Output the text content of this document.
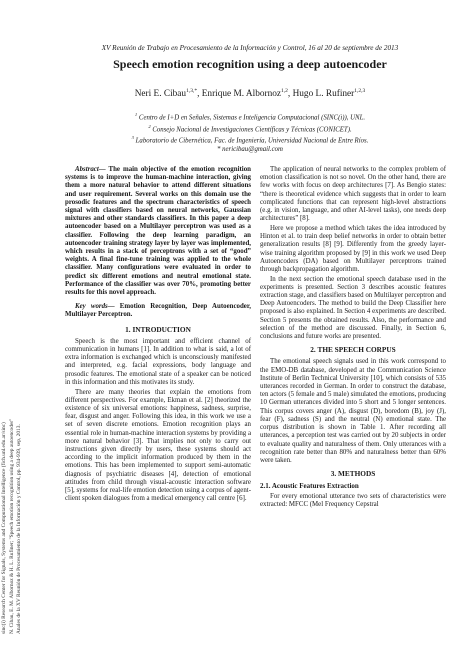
sinc(i) Research Center for Signals, Systems and Computational Intelligence (fich.unl.edu.ar/sinc) N. Cibau, E. M. Albornoz & H. L. Rufiner; "Speech emotion recognition using a deep autoencoder" Anales de la XV Reunión de Procesamiento de la Información y Control, pp. 934-939, sep, 2013.
XV Reunión de Trabajo en Procesamiento de la Información y Control, 16 al 20 de septiembre de 2013
Speech emotion recognition using a deep autoencoder
Neri E. Cibau$^{1,3,*}$, Enrique M. Albornoz$^{1,2}$, Hugo L. Rufiner$^{1,2,3}$
$^1$ Centro de I+D en Señales, Sistemas e Inteligencia Computacional (SINC(i)), UNL.
$^2$ Consejo Nacional de Investigaciones Científicas y Técnicas (CONICET).
$^3$ Laboratorio de Cibernética, Fac. de Ingeniería, Universidad Nacional de Entre Ríos.
* nericibau@gmail.com

Abstract— The main objective of the emotion recognition systems is to improve the human-machine interaction, giving them a more natural behavior to attend different situations and user requirement. Several works on this domain use the prosodic features and the spectrum characteristics of speech signal with classifiers based on neural networks, Gaussian mixtures and other standards classifiers. In this paper a deep autoencoder based on a Multilayer perceptron was used as a classifier. Following the deep learning paradigm, an autoencoder training strategy layer by layer was implemented, which results in a stack of perceptrons with a set of “good” weights. A final fine-tune training was applied to the whole classifier. Many configurations were evaluated in order to predict six different emotions and neutral emotional state. Performance of the classifier was over 70%, promoting better results for this novel approach.

Key words— Emotion Recognition, Deep Autoencoder, Multilayer Perceptron.

1. INTRODUCTION

Speech is the most important and efficient channel of communication in humans [1]. In addition to what is said, a lot of extra information is exchanged which is unconsciously manifested and interpreted, e.g. facial expressions, body language and prosodic features. The emotional state of a speaker can be noticed in this information and this motivates its study.

There are many theories that explain the emotions from different perspectives. For example, Ekman et al. [2] theorized the existence of six universal emotions: happiness, sadness, surprise, fear, disgust and anger. Following this idea, in this work we use a set of seven discrete emotions. Emotion recognition plays an essential role in human-machine interaction systems by providing a more natural behavior [3]. That implies not only to carry out instructions given directly by users, these systems should act according to the implicit information produced by them in the emotions. This has been implemented to support semi-automatic diagnosis of psychiatric diseases [4], detection of emotional attitudes from child through visual-acoustic interaction software [5], systems for real-life emotion detection using a corpus of agent-client spoken dialogues from a medical emergency call centre [6].

The application of neural networks to the complex problem of emotion classification is not so novel. On the other hand, there are few works with focus on deep architectures [7]. As Bengio states: “there is theoretical evidence which suggests that in order to learn complicated functions that can represent high-level abstractions (e.g. in vision, language, and other AI-level tasks), one needs deep architectures” [8].

Here we propose a method which takes the idea introduced by Hinton et al. to train deep belief networks in order to obtain better generalization results [8] [9]. Differently from the greedy layer-wise training algorithm proposed by [9] in this work we used Deep Autoencoders (DA) based on Multilayer perceptrons trained through backpropagation algorithm.

In the next section the emotional speech database used in the experiments is presented. Section 3 describes acoustic features extraction stage, and classifiers based on Multilayer perceptron and Deep Autoencoders. The method to build the Deep Classifier here proposed is also explained. In Section 4 experiments are described. Section 5 presents the obtained results. Also, the performance and selection of the method are discussed. Finally, in Section 6, conclusions and future works are presented.

2. THE SPEECH CORPUS

The emotional speech signals used in this work correspond to the EMO-DB database, developed at the Communication Science Institute of Berlin Technical University [10], which consists of 535 utterances recorded in German. In order to construct the database, ten actors (5 female and 5 male) simulated the emotions, producing 10 German utterances divided into 5 short and 5 longer sentences. This corpus covers anger (A), disgust (D), boredom (B), joy (J), fear (F), sadness (S) and the neutral (N) emotional state. The corpus distribution is shown in Table 1. After recording all utterances, a perception test was carried out by 20 subjects in order to evaluate quality and naturalness of them. Only utterances with a recognition rate better than 80% and naturalness better than 60% were taken.

3. METHODS
2.1. Acoustic Features Extraction

For every emotional utterance two sets of characteristics were extracted: MFCC (Mel Frequency Cepstral
